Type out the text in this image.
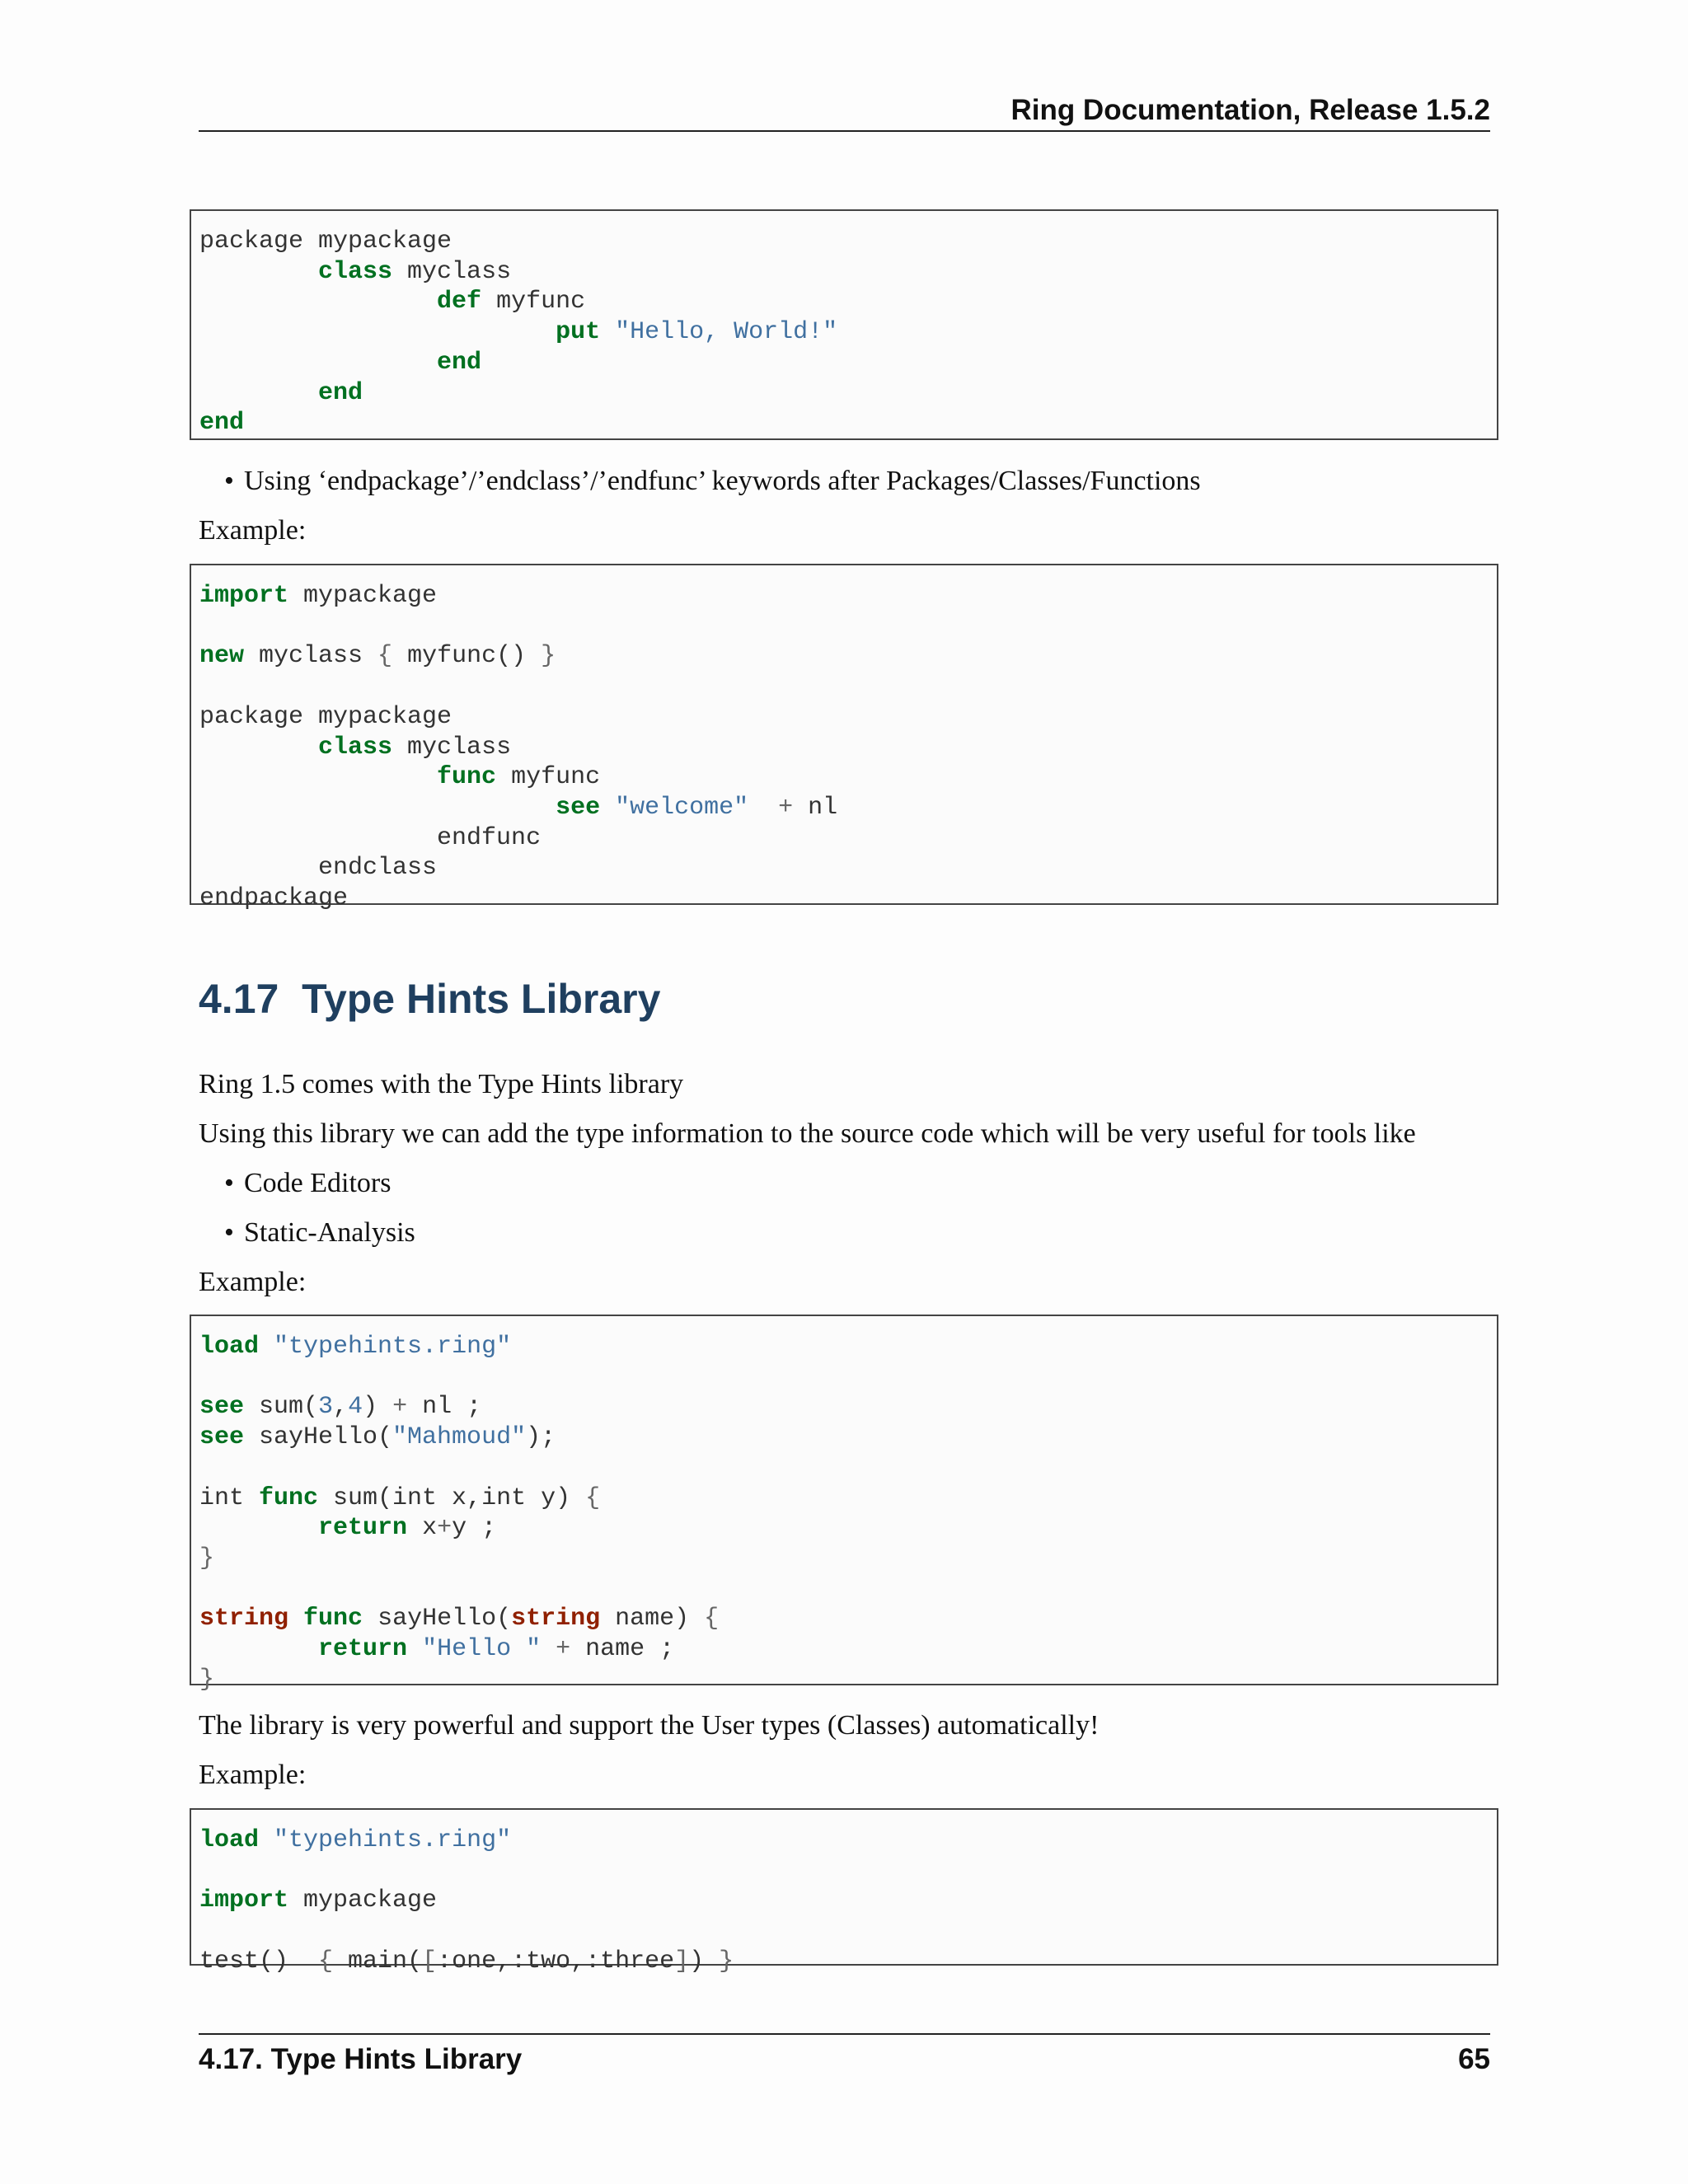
Ring Documentation, Release 1.5.2
package mypackage
class myclass
def myfunc
put "Hello, World!"
end
end
end
• Using ‘endpackage’/’endclass’/’endfunc’ keywords after Packages/Classes/Functions
Example:
import mypackage
new myclass { myfunc() }
package mypackage
class myclass
func myfunc
see "welcome" + nl
endfunc
endclass
endpackage
4.17 Type Hints Library
Ring 1.5 comes with the Type Hints library
Using this library we can add the type information to the source code which will be very useful for tools like
• Code Editors
• Static-Analysis
Example:
load "typehints.ring"
see sum(3,4) + nl ;
see sayHello("Mahmoud");
int func sum(int x,int y) {
return x+y ;
}
string func sayHello(string name) {
return "Hello " + name ;
}
The library is very powerful and support the User types (Classes) automatically!
Example:
load "typehints.ring"
import mypackage
test()  { main([:one,:two,:three]) }
4.17. Type Hints Library	65
